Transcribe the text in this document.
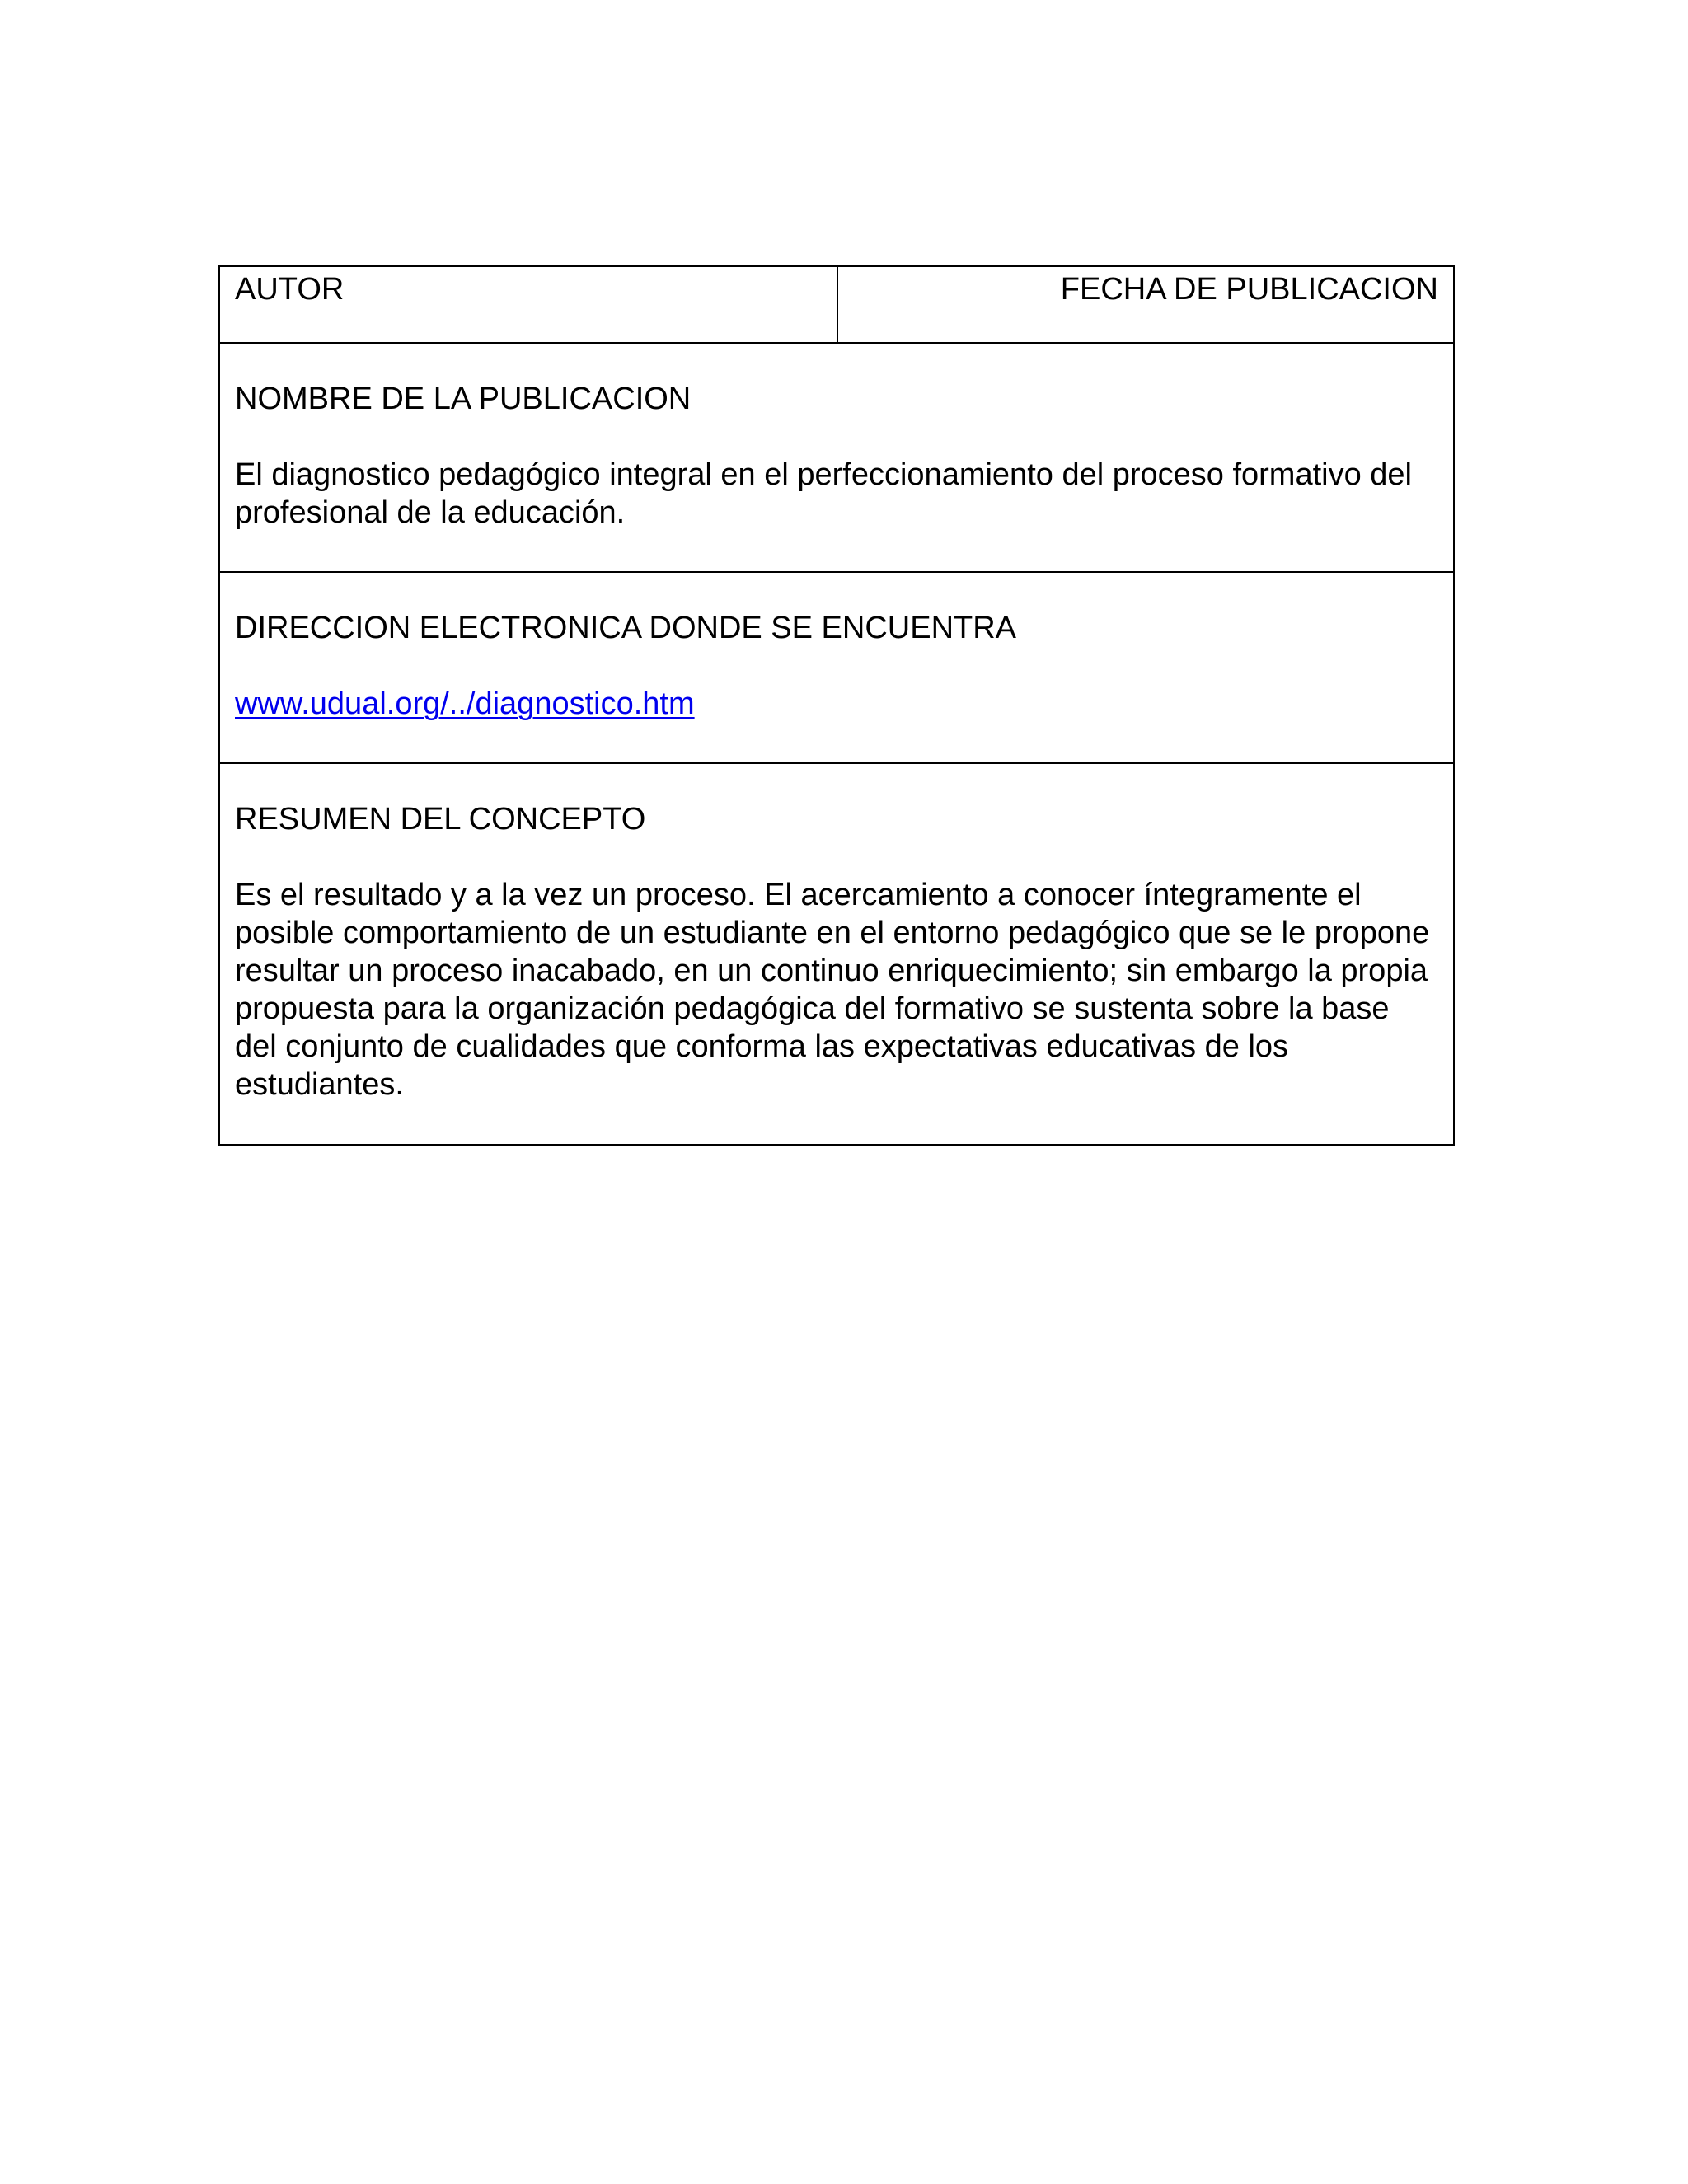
AUTOR	FECHA DE PUBLICACION

NOMBRE DE LA PUBLICACION

El diagnostico pedagógico integral en el perfeccionamiento del proceso formativo del profesional de la educación.

DIRECCION ELECTRONICA DONDE SE ENCUENTRA

www.udual.org/../diagnostico.htm

RESUMEN DEL CONCEPTO

Es el resultado y a la vez un proceso. El acercamiento a conocer íntegramente el posible comportamiento de un estudiante en el entorno pedagógico que se le propone resultar un proceso inacabado, en un continuo enriquecimiento; sin embargo la propia propuesta para la organización pedagógica del formativo se sustenta sobre la base del conjunto de cualidades que conforma las expectativas educativas de los estudiantes.
